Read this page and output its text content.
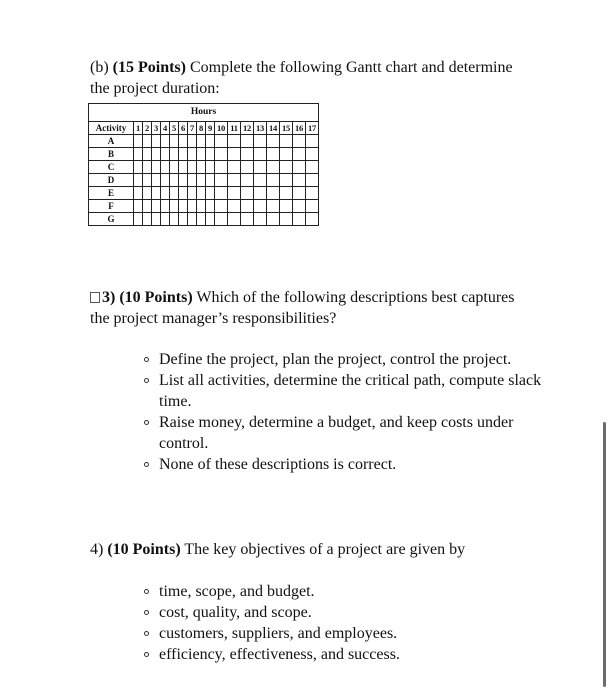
(b) (15 Points) Complete the following Gantt chart and determine the project duration:
Hours																	
Activity	1	2	3	4	5	6	7	8	9	10	11	12	13	14	15	16	17
A																	
B																	
C																	
D																	
E																	
F																	
G																	
3) (10 Points) Which of the following descriptions best captures the project manager’s responsibilities?
Define the project, plan the project, control the project.
List all activities, determine the critical path, compute slack time.
Raise money, determine a budget, and keep costs under control.
None of these descriptions is correct.
4) (10 Points) The key objectives of a project are given by
time, scope, and budget.
cost, quality, and scope.
customers, suppliers, and employees.
efficiency, effectiveness, and success.
